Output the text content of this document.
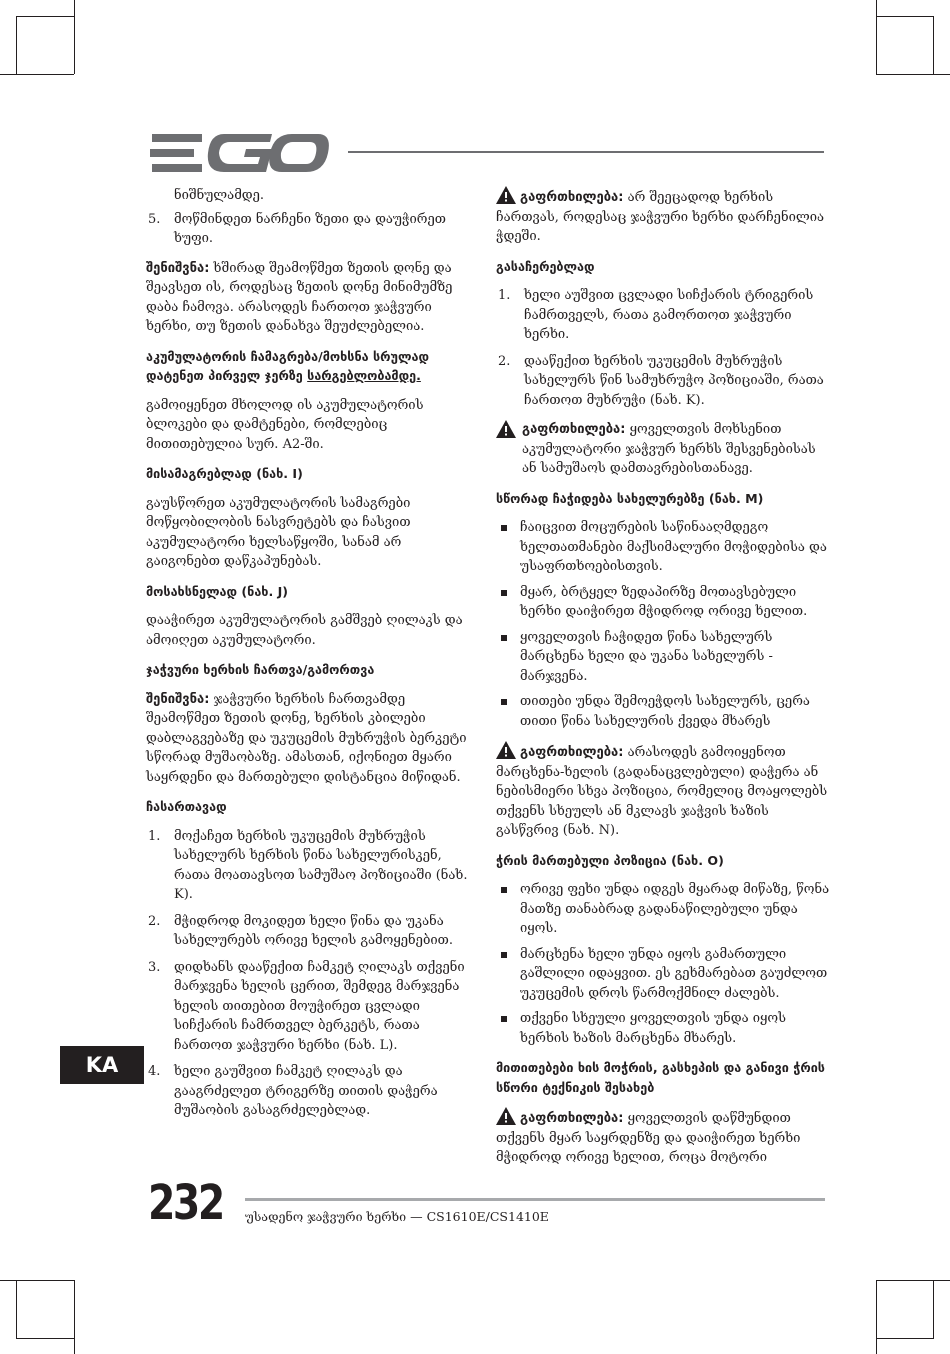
ნიშნულამდე.

5. მოწმინდეთ ნარჩენი ზეთი და დაუჭირეთ ხუფი.

შენიშვნა: ხშირად შეამოწმეთ ზეთის დონე და შეავსეთ ის, როდესაც ზეთის დონე მინიმუმზე დაბა ჩამოვა. არასოდეს ჩართოთ ჯაჭვური ხერხი, თუ ზეთის დანახვა შეუძლებელია.

აკუმულატორის ჩამაგრება/მოხსნა სრულად დატენეთ პირველ ჯერზე სარგებლობამდე.

გამოიყენეთ მხოლოდ ის აკუმულატორის ბლოკები და დამტენები, რომლებიც მითითებულია სურ. A2-ში.

მისამაგრებლად (ნახ. I)

გაუსწორეთ აკუმულატორის სამაგრები მოწყობილობის ნასვრეტებს და ჩასვით აკუმულატორი ხელსაწყოში, სანამ არ გაიგონებთ დაწკაპუნებას.

მოსახსნელად (ნახ. J)

დააჭირეთ აკუმულატორის გამშვებ ღილაკს და ამოიღეთ აკუმულატორი.

ჯაჭვური ხერხის ჩართვა/გამორთვა

შენიშვნა: ჯაჭვური ხერხის ჩართვამდე შეამოწმეთ ზეთის დონე, ხერხის კბილები დაბლაგვებაზე და უკუცემის მუხრუჭის ბერკეტი სწორად მუშაობაზე. ამასთან, იქონიეთ მყარი საყრდენი და მართებული დისტანცია მიწიდან.

ჩასართავად
1. მოქაჩეთ ხერხის უკუცემის მუხრუჭის სახელურს ხერხის წინა სახელურისკენ, რათა მოათავსოთ სამუშაო პოზიციაში (ნახ. K).
2. მჭიდროდ მოკიდეთ ხელი წინა და უკანა სახელურებს ორივე ხელის გამოყენებით.
3. დიდხანს დააწექით ჩამკეტ ღილაკს თქვენი მარჯვენა ხელის ცერით, შემდეგ მარჯვენა ხელის თითებით მოუჭირეთ ცვლადი სიჩქარის ჩამრთველ ბერკეტს, რათა ჩართოთ ჯაჭვური ხერხი (ნახ. L).
4. ხელი გაუშვით ჩამკეტ ღილაკს და გააგრძელეთ ტრიგერზე თითის დაჭერა მუშაობის გასაგრძელებლად.

გაფრთხილება: არ შეეცადოდ ხერხის ჩართვას, როდესაც ჯაჭვური ხერხი დარჩენილია ჭდეში.

გასაჩერებლად
1. ხელი აუშვით ცვლადი სიჩქარის ტრიგერის ჩამრთველს, რათა გამორთოთ ჯაჭვური ხერხი.
2. დააწექით ხერხის უკუცემის მუხრუჭის სახელურს წინ სამუხრუჭო პოზიციაში, რათა ჩართოთ მუხრუჭი (ნახ. K).

გაფრთხილება: ყოველთვის მოხსენით აკუმულატორი ჯაჭვურ ხერხს შესვენებისას ან სამუშაოს დამთავრებისთანავე.

სწორად ჩაჭიდება სახელურებზე (ნახ. M)
ჩაიცვით მოცურების საწინააღმდეგო ხელთათმანები მაქსიმალური მოჭიდებისა და უსაფრთხოებისთვის.
მყარ, ბრტყელ ზედაპირზე მოთავსებული ხერხი დაიჭირეთ მჭიდროდ ორივე ხელით.
ყოველთვის ჩაჭიდეთ წინა სახელურს მარცხენა ხელი და უკანა სახელურს - მარჯვენა.
თითები უნდა შემოეჭდოს სახელურს, ცერა თითი წინა სახელურის ქვედა მხარეს

გაფრთხილება: არასოდეს გამოიყენოთ მარცხენა-ხელის (გადანაცვლებული) დაჭერა ან ნებისმიერი სხვა პოზიცია, რომელიც მოაყოლებს თქვენს სხეულს ან მკლავს ჯაჭვის ხაზის გასწვრივ (ნახ. N).

ჭრის მართებული პოზიცია (ნახ. O)
ორივე ფეხი უნდა იდგეს მყარად მიწაზე, წონა მათზე თანაბრად გადანაწილებული უნდა იყოს.
მარცხენა ხელი უნდა იყოს გამართული გაშლილი იდაყვით. ეს გეხმარებათ გაუძლოთ უკუცემის დროს წარმოქმნილ ძალებს.
თქვენი სხეული ყოველთვის უნდა იყოს ხერხის ხაზის მარცხენა მხარეს.
მითითებები ხის მოჭრის, გასხეპის და განივი ჭრის სწორი ტექნიკის შესახებ

გაფრთხილება: ყოველთვის დაწმუნდით თქვენს მყარ საყრდენზე და დაიჭირეთ ხერხი მჭიდროდ ორივე ხელით, როცა მოტორი

KA
232 უსადენო ჯაჭვური ხერხი — CS1610E/CS1410E
